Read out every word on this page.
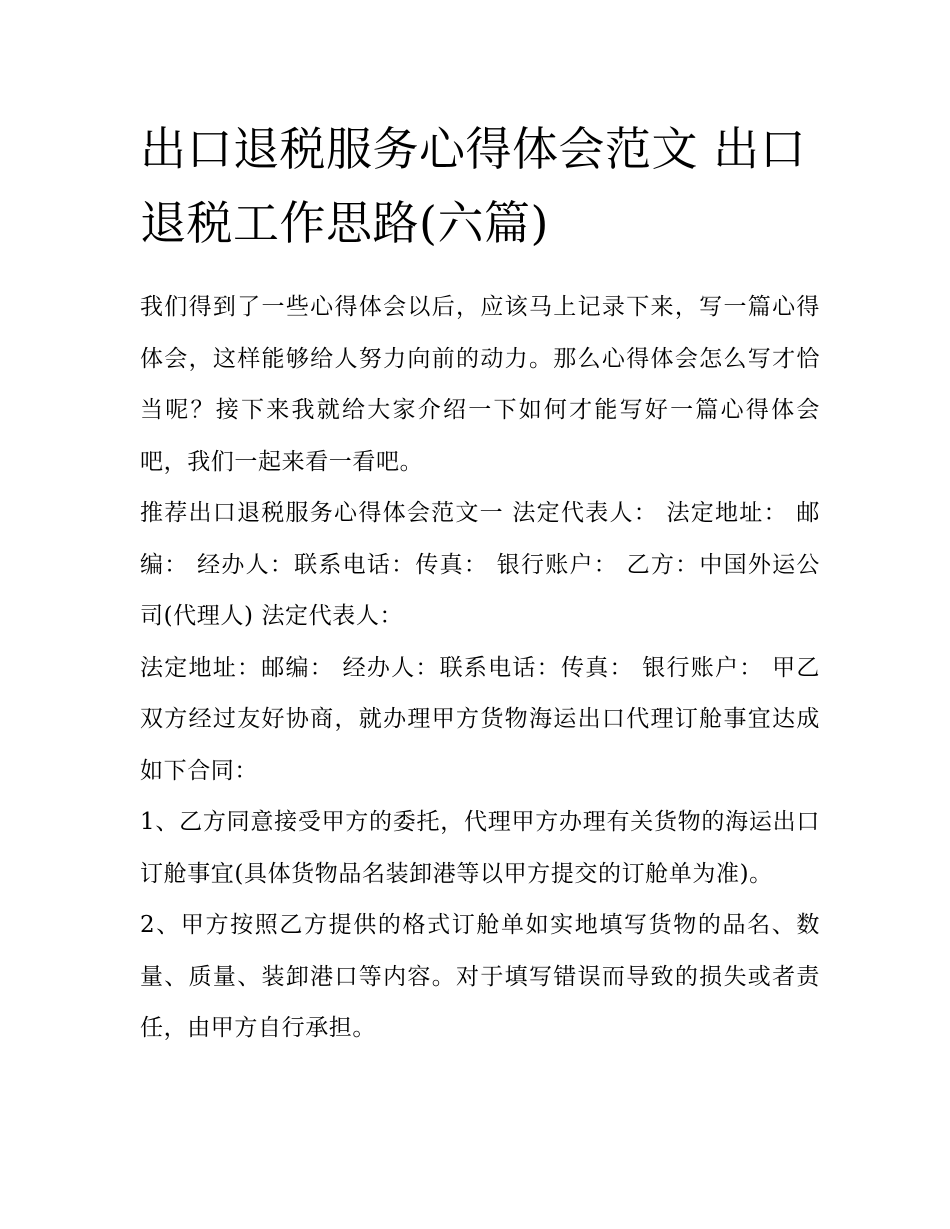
出口退税服务心得体会范文 出口退税工作思路(六篇)

我们得到了一些心得体会以后，应该马上记录下来，写一篇心得体会，这样能够给人努力向前的动力。那么心得体会怎么写才恰当呢？接下来我就给大家介绍一下如何才能写好一篇心得体会吧，我们一起来看一看吧。

推荐出口退税服务心得体会范文一 法定代表人： 法定地址： 邮编： 经办人：联系电话：传真： 银行账户： 乙方：中国外运公司(代理人) 法定代表人：

法定地址：邮编： 经办人：联系电话：传真： 银行账户： 甲乙双方经过友好协商，就办理甲方货物海运出口代理订舱事宜达成如下合同：

1、乙方同意接受甲方的委托，代理甲方办理有关货物的海运出口订舱事宜(具体货物品名装卸港等以甲方提交的订舱单为准)。

2、甲方按照乙方提供的格式订舱单如实地填写货物的品名、数量、质量、装卸港口等内容。对于填写错误而导致的损失或者责任，由甲方自行承担。
